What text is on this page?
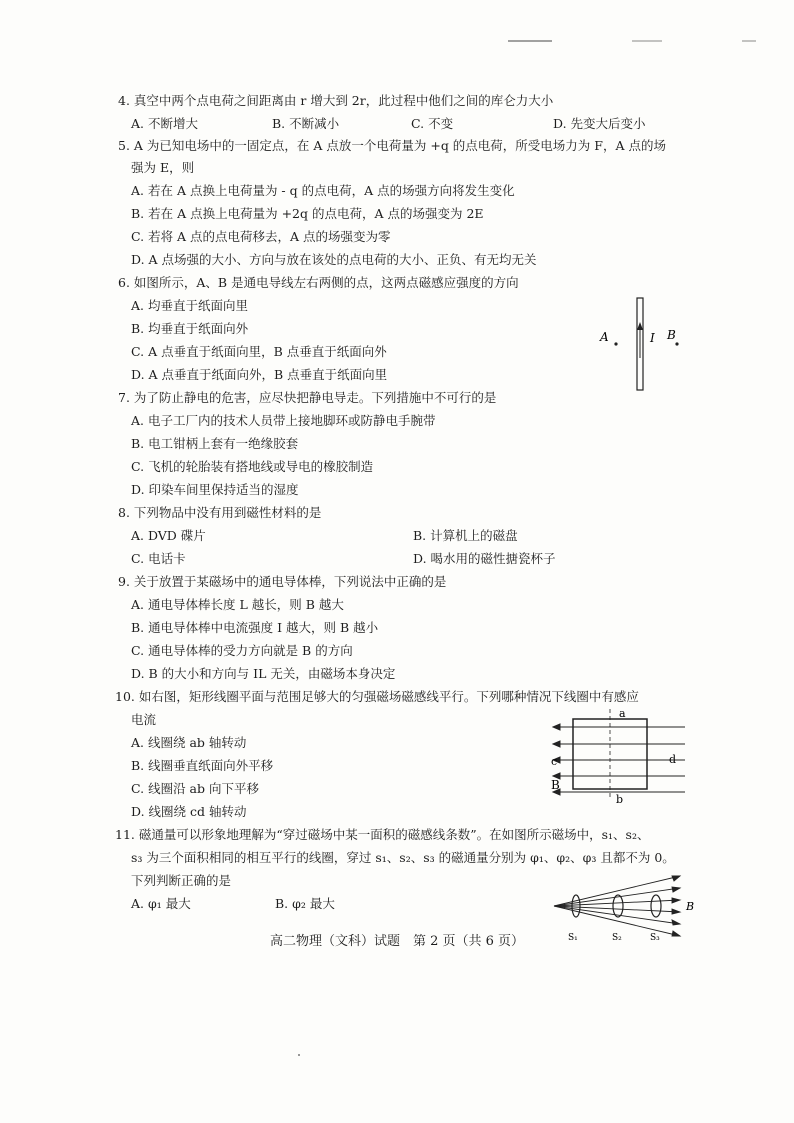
4. 真空中两个点电荷之间距离由 r 增大到 2r，此过程中他们之间的库仑力大小
A. 不断增大	B. 不断减小	C. 不变	D. 先变大后变小
5. A 为已知电场中的一固定点，在 A 点放一个电荷量为 +q 的点电荷，所受电场力为 F，A 点的场
强为 E，则
A. 若在 A 点换上电荷量为 - q 的点电荷，A 点的场强方向将发生变化
B. 若在 A 点换上电荷量为 +2q 的点电荷，A 点的场强变为 2E
C. 若将 A 点的点电荷移去，A 点的场强变为零
D. A 点场强的大小、方向与放在该处的点电荷的大小、正负、有无均无关
6. 如图所示，A、B 是通电导线左右两侧的点，这两点磁感应强度的方向
A. 均垂直于纸面向里
B. 均垂直于纸面向外
C. A 点垂直于纸面向里，B 点垂直于纸面向外
D. A 点垂直于纸面向外，B 点垂直于纸面向里
A	I B
7. 为了防止静电的危害，应尽快把静电导走。下列措施中不可行的是
A. 电子工厂内的技术人员带上接地脚环或防静电手腕带
B. 电工钳柄上套有一绝缘胶套
C. 飞机的轮胎装有搭地线或导电的橡胶制造
D. 印染车间里保持适当的湿度
8. 下列物品中没有用到磁性材料的是
A. DVD 碟片	B. 计算机上的磁盘
C. 电话卡	D. 喝水用的磁性搪瓷杯子
9. 关于放置于某磁场中的通电导体棒，下列说法中正确的是
A. 通电导体棒长度 L 越长，则 B 越大
B. 通电导体棒中电流强度 I 越大，则 B 越小
C. 通电导体棒的受力方向就是 B 的方向
D. B 的大小和方向与 IL 无关，由磁场本身决定
10. 如右图，矩形线圈平面与范围足够大的匀强磁场磁感线平行。下列哪种情况下线圈中有感应
电流
A. 线圈绕 ab 轴转动
B. 线圈垂直纸面向外平移
C. 线圈沿 ab 向下平移
D. 线圈绕 cd 轴转动
a
b
c	d
B
11. 磁通量可以形象地理解为“穿过磁场中某一面积的磁感线条数”。在如图所示磁场中，s₁、s₂、
s₃ 为三个面积相同的相互平行的线圈，穿过 s₁、s₂、s₃ 的磁通量分别为 φ₁、φ₂、φ₃ 且都不为 0。
下列判断正确的是
A. φ₁ 最大	B. φ₂ 最大	B
S₁	S₂	S₃
高二物理（文科）试题　第 2 页（共 6 页）
